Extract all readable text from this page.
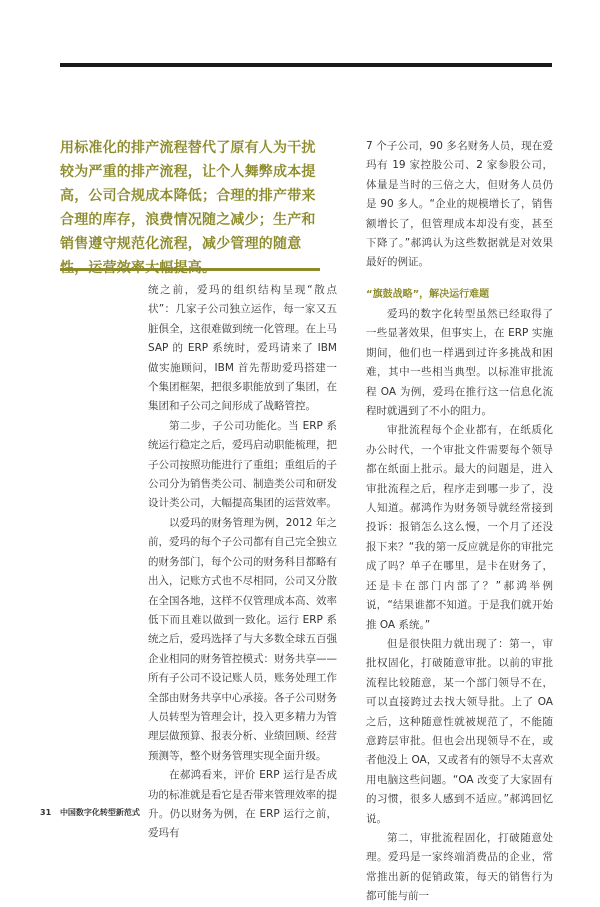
用标准化的排产流程替代了原有人为干扰较为严重的排产流程，让个人舞弊成本提高，公司合规成本降低；合理的排产带来合理的库存，浪费情况随之减少；生产和销售遵守规范化流程，减少管理的随意

7 个子公司，90 多名财务人员，现在爱玛有 19 家控股公司、2 家参股公司，体量是当时的三倍之大，但财务人员仍是 90 多人。“企业的规模增长了，销售额增长了，但管理成本却没有变，甚至下降了。”郝鸿认为这些数据就是对效果最好的例证。

统之前，爱玛的组织结构呈现“散点状”：几家子公司独立运作，每一家又五脏俱全，这很难做到统一化管理。在上马 SAP 的 ERP 系统时，爱玛请来了 IBM 做实施顾问，IBM 首先帮助爱玛搭建一个集团框架，把很多职能放到了集团，在集团和子公司之间形成了战略管控。

第二步，子公司功能化。当 ERP 系统运行稳定之后，爱玛启动职能梳理，把子公司按照功能进行了重组；重组后的子公司分为销售类公司、制造类公司和研发设计类公司，大幅提高集团的运营效率。

以爱玛的财务管理为例，2012 年之前，爱玛的每个子公司都有自己完全独立的财务部门，每个公司的财务科目都略有出入，记账方式也不尽相同，公司又分散在全国各地，这样不仅管理成本高、效率低下而且难以做到一致化。运行 ERP 系统之后，爱玛选择了与大多数全球五百强企业相同的财务管控模式：财务共享——所有子公司不设记账人员，账务处理工作全部由财务共享中心承接。各子公司财务人员转型为管理会计，投入更多精力为管理层做预算、报表分析、业绩回顾、经营预测等，整个财务管理实现全面升级。

在郝鸿看来，评价 ERP 运行是否成功的标准就是看它是否带来管理效率的提升。仍以财务为例，在 ERP 运行之前，爱玛有

“旗鼓战略”，解决运行难题

爱玛的数字化转型虽然已经取得了一些显著效果，但事实上，在 ERP 实施期间，他们也一样遇到过许多挑战和困难，其中一些相当典型。以标准审批流程 OA 为例，爱玛在推行这一信息化流程时就遇到了不小的阻力。

审批流程每个企业都有，在纸质化办公时代，一个审批文件需要每个领导都在纸面上批示。最大的问题是，进入审批流程之后，程序走到哪一步了，没人知道。郝鸿作为财务领导就经常接到投诉：报销怎么这么慢，一个月了还没报下来？“我的第一反应就是你的审批完成了吗？单子在哪里，是卡在财务了，还是卡在部门内部了？”郝鸿举例说，“结果谁都不知道。于是我们就开始推 OA 系统。”

但是很快阻力就出现了：第一，审批权固化，打破随意审批。以前的审批流程比较随意，某一个部门领导不在，可以直接跨过去找大领导批。上了 OA 之后，这种随意性就被规范了，不能随意跨层审批。但也会出现领导不在，或者他没上 OA，又或者有的领导不太喜欢用电脑这些问题。“OA 改变了大家固有的习惯，很多人感到不适应。”郝鸿回忆说。

第二，审批流程固化，打破随意处理。爱玛是一家终端消费品的企业，常常推出新的促销政策，每天的销售行为都可能与前一

31 中国数字化转型新范式
